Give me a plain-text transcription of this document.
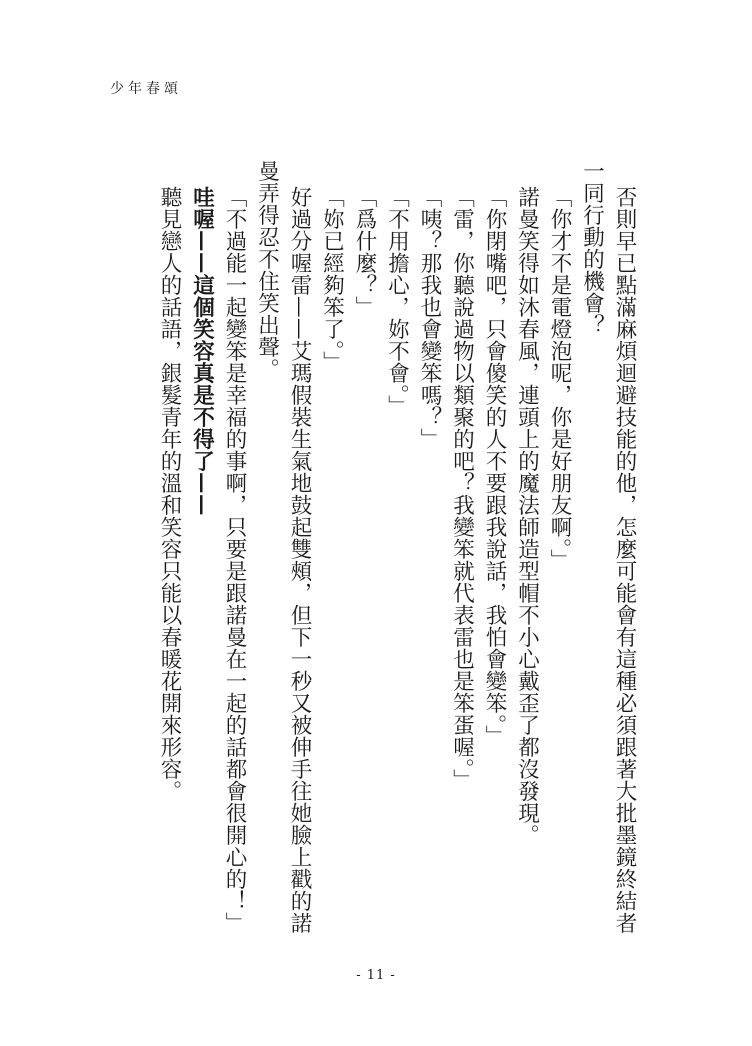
少年春頌

否則早已點滿麻煩迴避技能的他，怎麼可能會有這種必須跟著大批墨鏡終結者一同行動的機會？

「你才不是電燈泡呢，你是好朋友啊。」

諾曼笑得如沐春風，連頭上的魔法師造型帽不小心戴歪了都沒發現。

「你閉嘴吧，只會傻笑的人不要跟我說話，我怕會變笨。」

「雷，你聽說過物以類聚的吧？我變笨就代表雷也是笨蛋喔。」

「咦？那我也會變笨嗎？」

「不用擔心，妳不會。」

「爲什麼？」

「妳已經夠笨了。」

好過分喔雷——艾瑪假裝生氣地鼓起雙頰，但下一秒又被伸手往她臉上戳的諾曼弄得忍不住笑出聲。

「不過能一起變笨是幸福的事啊，只要是跟諾曼在一起的話都會很開心的！」

哇喔——這個笑容真是不得了——

聽見戀人的話語，銀髮青年的溫和笑容只能以春暖花開來形容。

- 11 -
